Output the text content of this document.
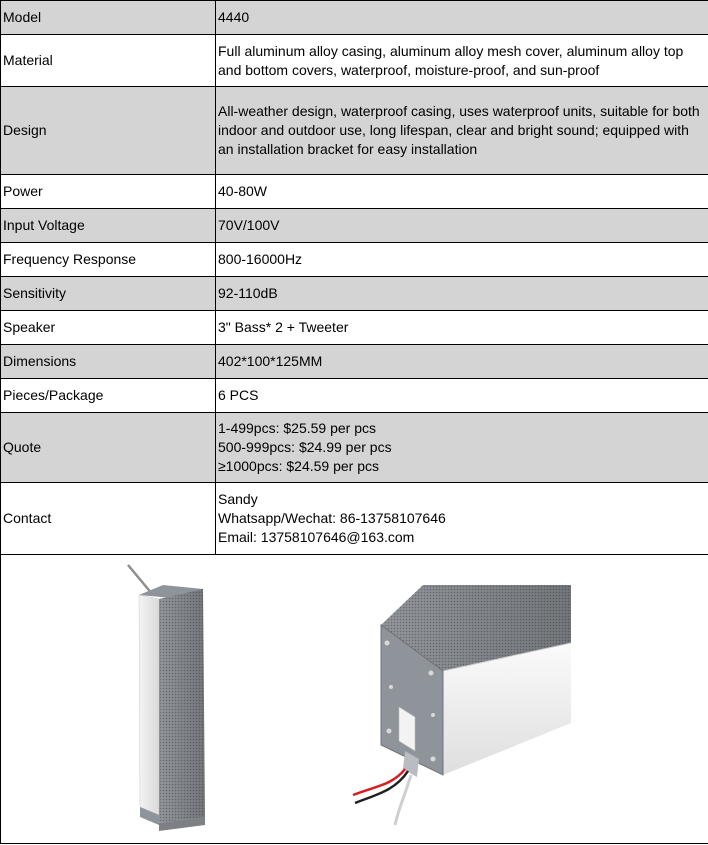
Model	4440
Material	Full aluminum alloy casing, aluminum alloy mesh cover, aluminum alloy top and bottom covers, waterproof, moisture-proof, and sun-proof
Design	All-weather design, waterproof casing, uses waterproof units, suitable for both indoor and outdoor use, long lifespan, clear and bright sound; equipped with an installation bracket for easy installation
Power	40-80W
Input Voltage	70V/100V
Frequency Response	800-16000Hz
Sensitivity	92-110dB
Speaker	3" Bass* 2 + Tweeter
Dimensions	402*100*125MM
Pieces/Package	6 PCS
Quote	1-499pcs: $25.59 per pcs
500-999pcs: $24.99 per pcs
≥1000pcs: $24.59 per pcs
Contact	Sandy
Whatsapp/Wechat: 86-13758107646
Email: 13758107646@163.com
